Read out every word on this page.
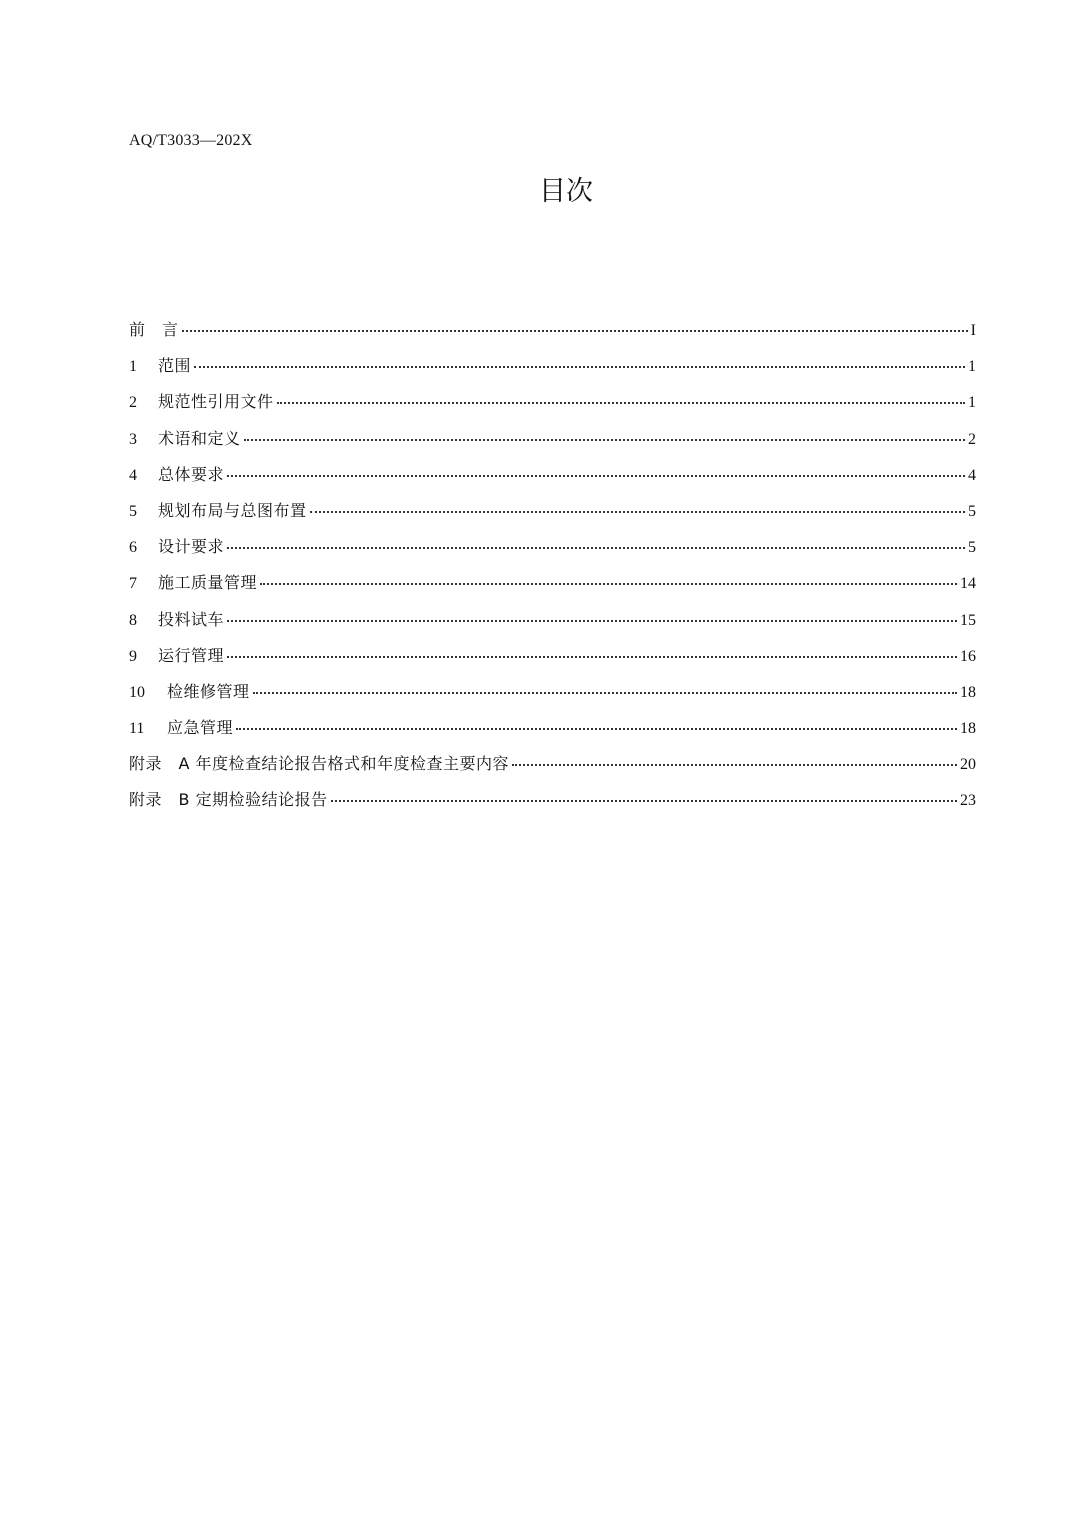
AQ/T3033—202X
目次
前　言	I
1	范围	1
2	规范性引用文件	1
3	术语和定义	2
4	总体要求	4
5	规划布局与总图布置	5
6	设计要求	5
7	施工质量管理	14
8	投料试车	15
9	运行管理	16
10	检维修管理	18
11	应急管理	18
附录　A 年度检查结论报告格式和年度检查主要内容	20
附录　B 定期检验结论报告	23
